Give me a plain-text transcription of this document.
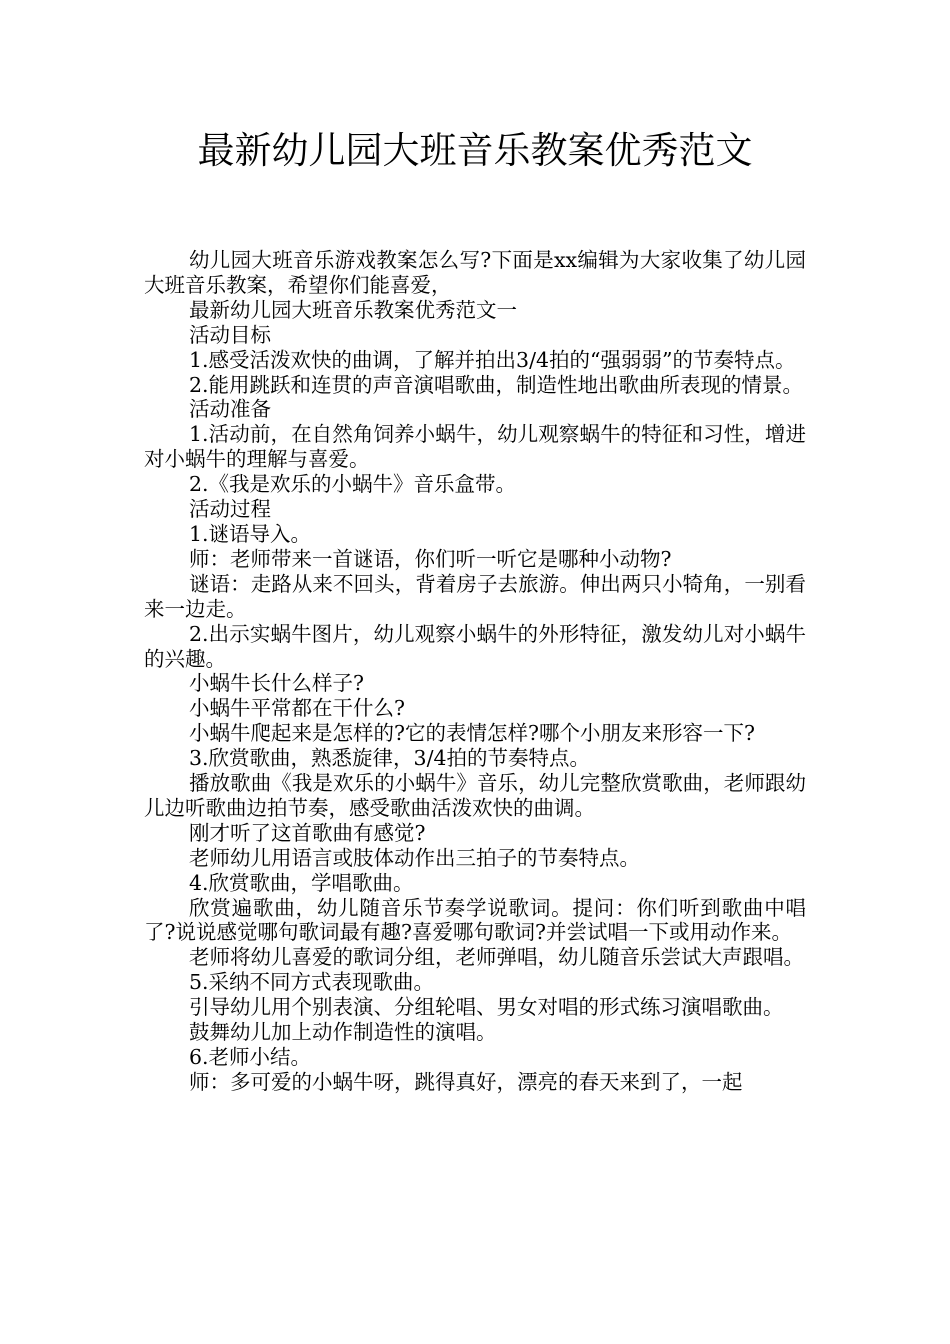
最新幼儿园大班音乐教案优秀范文

幼儿园大班音乐游戏教案怎么写?下面是xx编辑为大家收集了幼儿园大班音乐教案，希望你们能喜爱，

最新幼儿园大班音乐教案优秀范文一

活动目标

1.感受活泼欢快的曲调，了解并拍出3/4拍的“强弱弱”的节奏特点。

2.能用跳跃和连贯的声音演唱歌曲，制造性地出歌曲所表现的情景。

活动准备

1.活动前，在自然角饲养小蜗牛，幼儿观察蜗牛的特征和习性，增进对小蜗牛的理解与喜爱。

2.《我是欢乐的小蜗牛》音乐盒带。

活动过程

1.谜语导入。

师：老师带来一首谜语，你们听一听它是哪种小动物?

谜语：走路从来不回头，背着房子去旅游。伸出两只小犄角，一别看来一边走。

2.出示实蜗牛图片，幼儿观察小蜗牛的外形特征，激发幼儿对小蜗牛的兴趣。

小蜗牛长什么样子?

小蜗牛平常都在干什么?

小蜗牛爬起来是怎样的?它的表情怎样?哪个小朋友来形容一下?

3.欣赏歌曲，熟悉旋律，3/4拍的节奏特点。

播放歌曲《我是欢乐的小蜗牛》音乐，幼儿完整欣赏歌曲，老师跟幼儿边听歌曲边拍节奏，感受歌曲活泼欢快的曲调。

刚才听了这首歌曲有感觉?

老师幼儿用语言或肢体动作出三拍子的节奏特点。

4.欣赏歌曲，学唱歌曲。

欣赏遍歌曲，幼儿随音乐节奏学说歌词。提问：你们听到歌曲中唱了?说说感觉哪句歌词最有趣?喜爱哪句歌词?并尝试唱一下或用动作来。

老师将幼儿喜爱的歌词分组，老师弹唱，幼儿随音乐尝试大声跟唱。

5.采纳不同方式表现歌曲。

引导幼儿用个别表演、分组轮唱、男女对唱的形式练习演唱歌曲。

鼓舞幼儿加上动作制造性的演唱。

6.老师小结。

师：多可爱的小蜗牛呀，跳得真好，漂亮的春天来到了，一起
